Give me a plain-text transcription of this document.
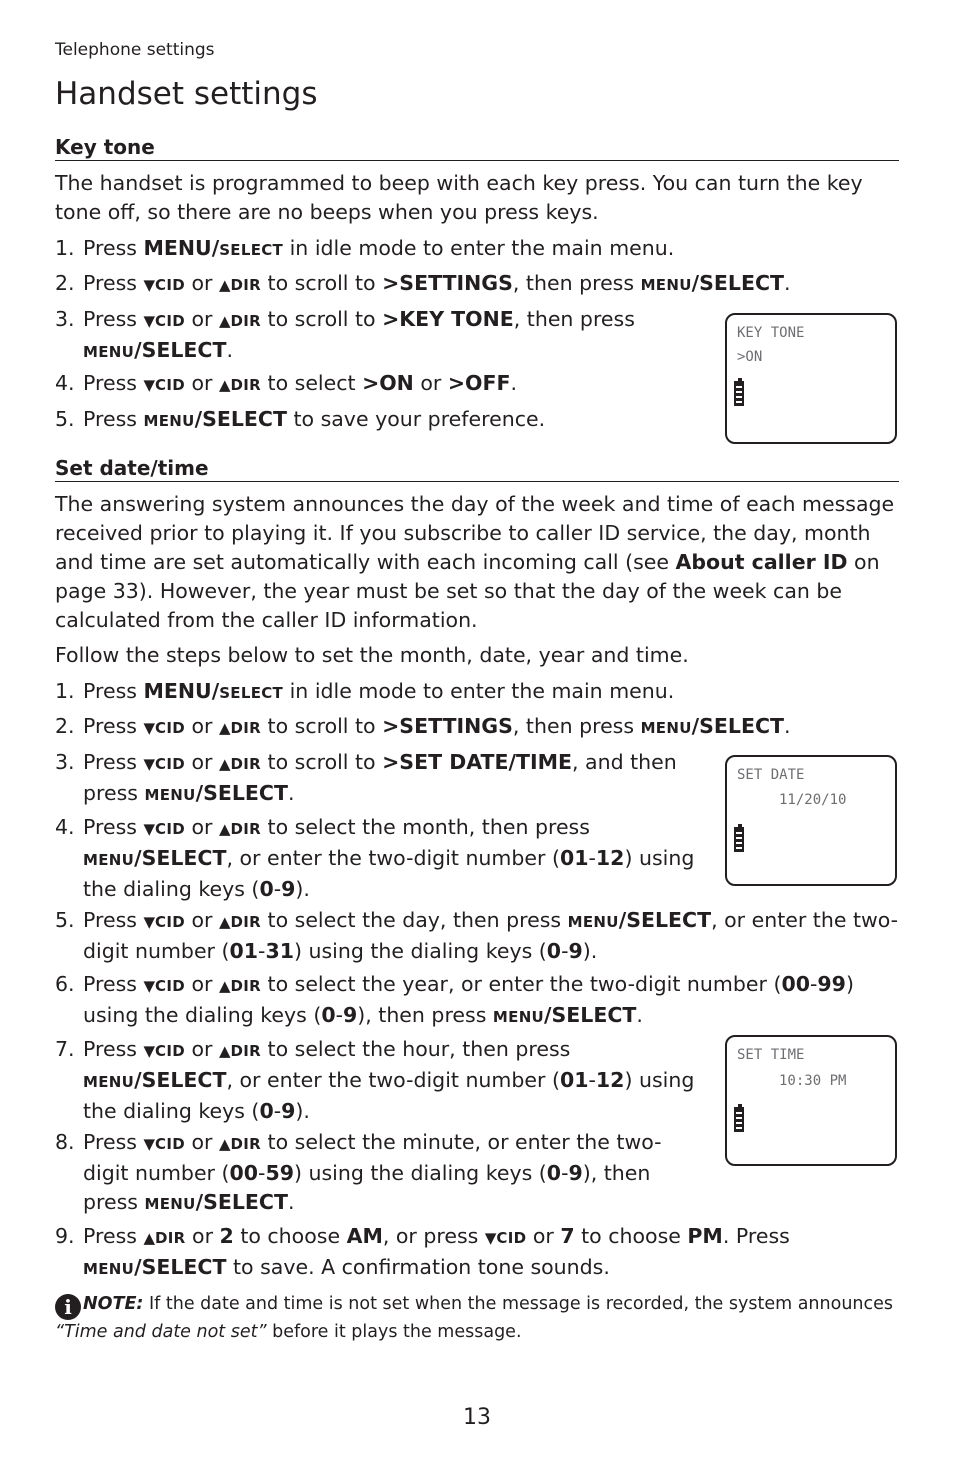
Telephone settings
Handset settings
Key tone
The handset is programmed to beep with each key press. You can turn the key tone off, so there are no beeps when you press keys.
1. Press MENU/SELECT in idle mode to enter the main menu.
2. Press ▼CID or ▲DIR to scroll to >SETTINGS, then press MENU/SELECT.
3. Press ▼CID or ▲DIR to scroll to >KEY TONE, then press MENU/SELECT.
4. Press ▼CID or ▲DIR to select >ON or >OFF.
5. Press MENU/SELECT to save your preference.
KEY TONE
>ON
Set date/time
The answering system announces the day of the week and time of each message received prior to playing it. If you subscribe to caller ID service, the day, month and time are set automatically with each incoming call (see About caller ID on page 33). However, the year must be set so that the day of the week can be calculated from the caller ID information.
Follow the steps below to set the month, date, year and time.
1. Press MENU/SELECT in idle mode to enter the main menu.
2. Press ▼CID or ▲DIR to scroll to >SETTINGS, then press MENU/SELECT.
3. Press ▼CID or ▲DIR to scroll to >SET DATE/TIME, and then press MENU/SELECT.
4. Press ▼CID or ▲DIR to select the month, then press MENU/SELECT, or enter the two-digit number (01-12) using the dialing keys (0-9).
5. Press ▼CID or ▲DIR to select the day, then press MENU/SELECT, or enter the two-digit number (01-31) using the dialing keys (0-9).
6. Press ▼CID or ▲DIR to select the year, or enter the two-digit number (00-99) using the dialing keys (0-9), then press MENU/SELECT.
7. Press ▼CID or ▲DIR to select the hour, then press MENU/SELECT, or enter the two-digit number (01-12) using the dialing keys (0-9).
8. Press ▼CID or ▲DIR to select the minute, or enter the two-digit number (00-59) using the dialing keys (0-9), then press MENU/SELECT.
9. Press ▲DIR or 2 to choose AM, or press ▼CID or 7 to choose PM. Press MENU/SELECT to save. A confirmation tone sounds.
SET DATE
11/20/10
SET TIME
10:30 PM
i NOTE: If the date and time is not set when the message is recorded, the system announces “Time and date not set” before it plays the message.
13
